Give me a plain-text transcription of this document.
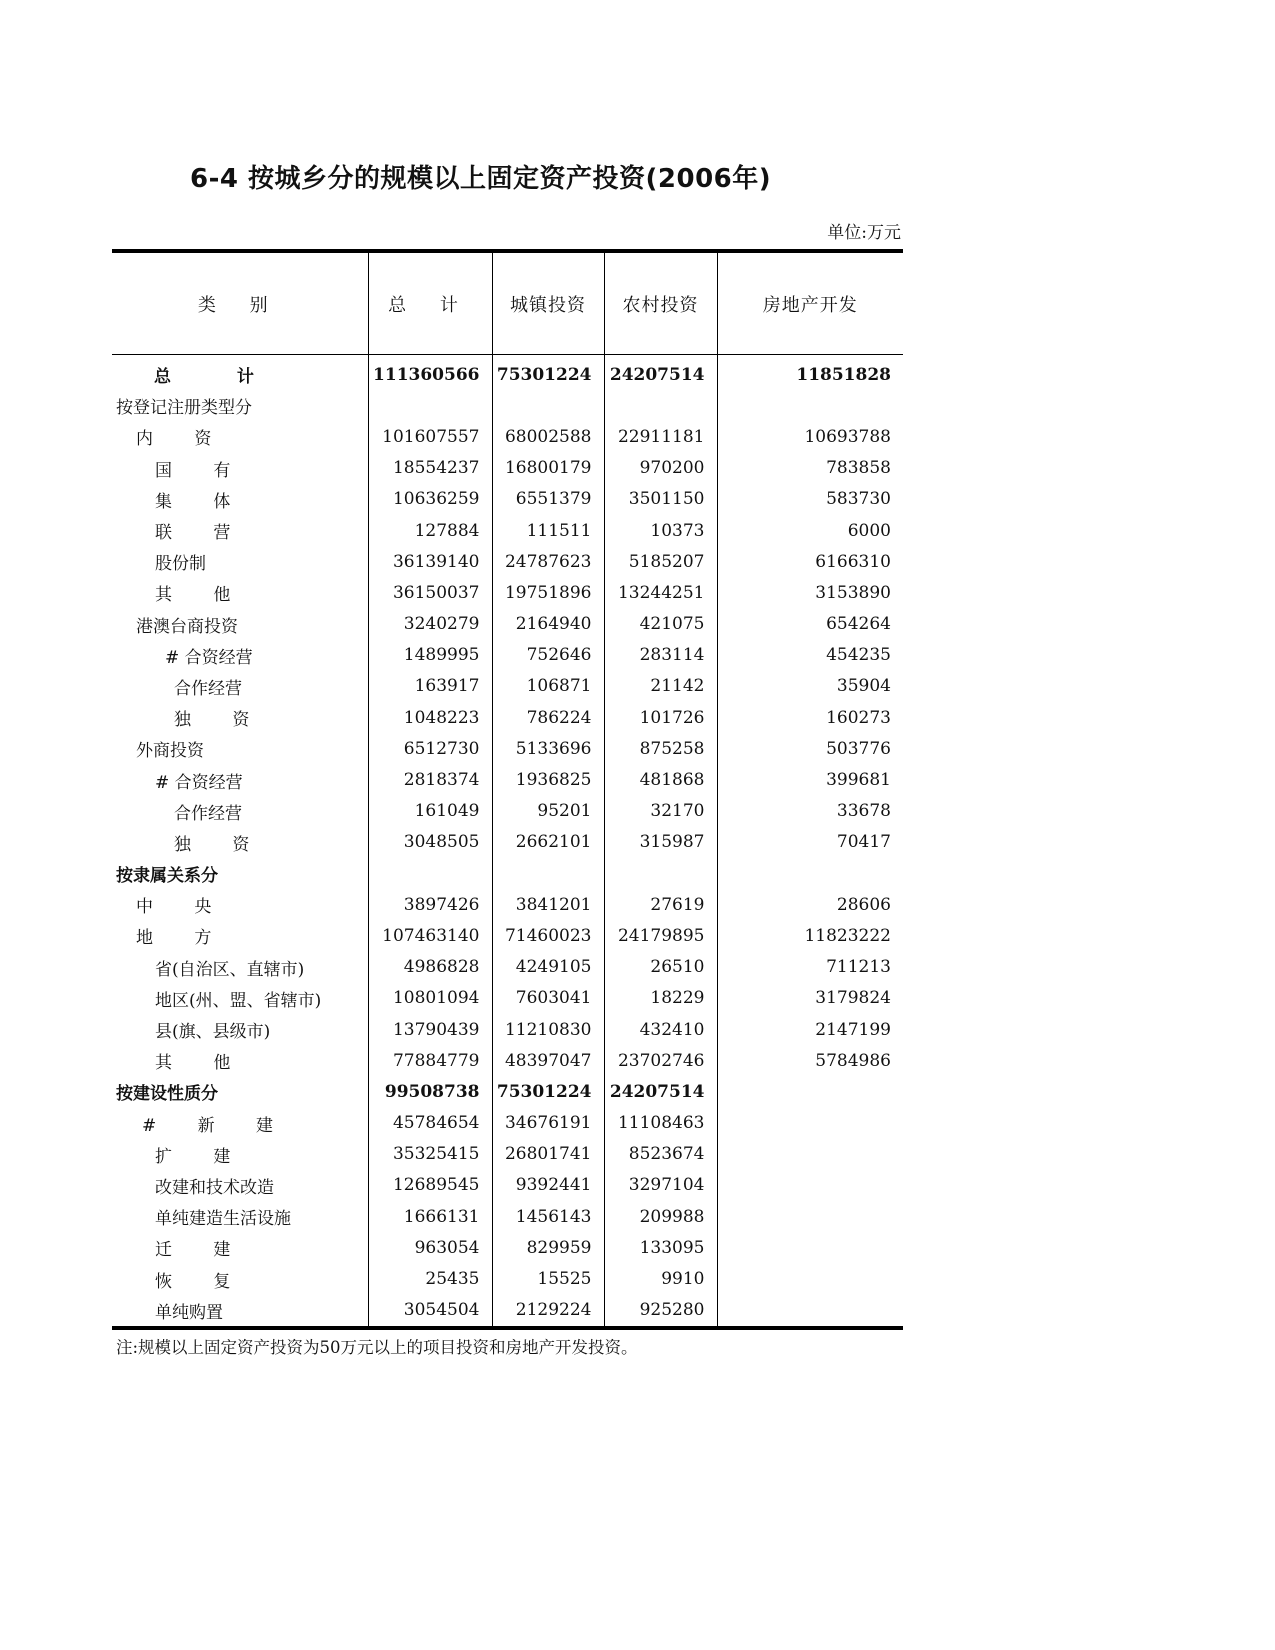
6-4 按城乡分的规模以上固定资产投资(2006年)
单位:万元
类 别	总 计	城镇投资	农村投资	房地产开发
总 计	111360566	75301224	24207514	11851828
按登记注册类型分				
内 资	101607557	68002588	22911181	10693788
国 有	18554237	16800179	970200	783858
集 体	10636259	6551379	3501150	583730
联 营	127884	111511	10373	6000
股份制	36139140	24787623	5185207	6166310
其 他	36150037	19751896	13244251	3153890
港澳台商投资	3240279	2164940	421075	654264
# 合资经营	1489995	752646	283114	454235
合作经营	163917	106871	21142	35904
独 资	1048223	786224	101726	160273
外商投资	6512730	5133696	875258	503776
# 合资经营	2818374	1936825	481868	399681
合作经营	161049	95201	32170	33678
独 资	3048505	2662101	315987	70417
按隶属关系分				
中 央	3897426	3841201	27619	28606
地 方	107463140	71460023	24179895	11823222
省(自治区、直辖市)	4986828	4249105	26510	711213
地区(州、盟、省辖市)	10801094	7603041	18229	3179824
县(旗、县级市)	13790439	11210830	432410	2147199
其 他	77884779	48397047	23702746	5784986
按建设性质分	99508738	75301224	24207514	
# 新 建	45784654	34676191	11108463	
扩 建	35325415	26801741	8523674	
改建和技术改造	12689545	9392441	3297104	
单纯建造生活设施	1666131	1456143	209988	
迁 建	963054	829959	133095	
恢 复	25435	15525	9910	
单纯购置	3054504	2129224	925280	
注:规模以上固定资产投资为50万元以上的项目投资和房地产开发投资。
